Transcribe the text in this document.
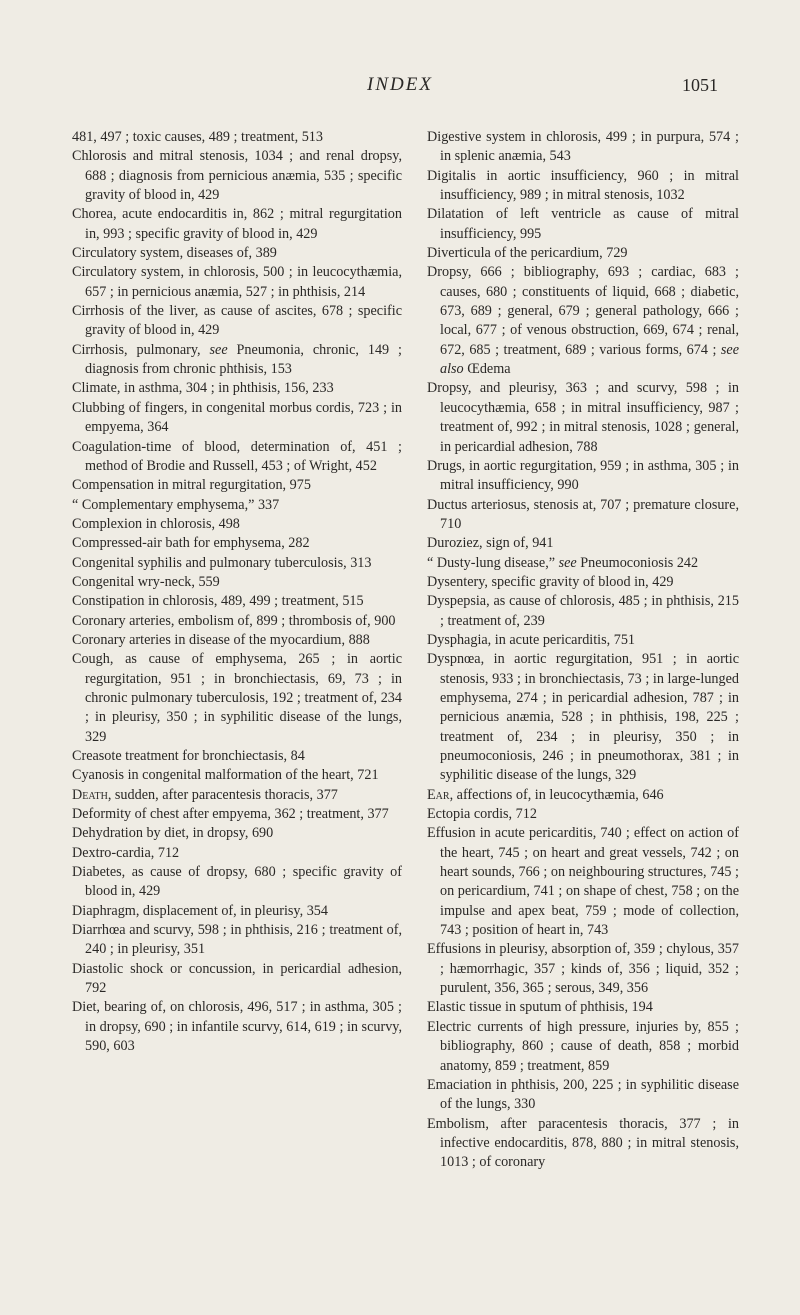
INDEX	1051

481, 497 ; toxic causes, 489 ; treatment, 513

Chlorosis and mitral stenosis, 1034 ; and renal dropsy, 688 ; diagnosis from pernicious anæmia, 535 ; specific gravity of blood in, 429

Chorea, acute endocarditis in, 862 ; mitral regurgitation in, 993 ; specific gravity of blood in, 429

Circulatory system, diseases of, 389

Circulatory system, in chlorosis, 500 ; in leucocythæmia, 657 ; in pernicious anæmia, 527 ; in phthisis, 214

Cirrhosis of the liver, as cause of ascites, 678 ; specific gravity of blood in, 429

Cirrhosis, pulmonary, see Pneumonia, chronic, 149 ; diagnosis from chronic phthisis, 153

Climate, in asthma, 304 ; in phthisis, 156, 233

Clubbing of fingers, in congenital morbus cordis, 723 ; in empyema, 364

Coagulation-time of blood, determination of, 451 ; method of Brodie and Russell, 453 ; of Wright, 452

Compensation in mitral regurgitation, 975

“ Complementary emphysema,” 337

Complexion in chlorosis, 498

Compressed-air bath for emphysema, 282

Congenital syphilis and pulmonary tuberculosis, 313

Congenital wry-neck, 559

Constipation in chlorosis, 489, 499 ; treatment, 515

Coronary arteries, embolism of, 899 ; thrombosis of, 900

Coronary arteries in disease of the myocardium, 888

Cough, as cause of emphysema, 265 ; in aortic regurgitation, 951 ; in bronchiectasis, 69, 73 ; in chronic pulmonary tuberculosis, 192 ; treatment of, 234 ; in pleurisy, 350 ; in syphilitic disease of the lungs, 329

Creasote treatment for bronchiectasis, 84

Cyanosis in congenital malformation of the heart, 721

Death, sudden, after paracentesis thoracis, 377

Deformity of chest after empyema, 362 ; treatment, 377

Dehydration by diet, in dropsy, 690

Dextro-cardia, 712

Diabetes, as cause of dropsy, 680 ; specific gravity of blood in, 429

Diaphragm, displacement of, in pleurisy, 354

Diarrhœa and scurvy, 598 ; in phthisis, 216 ; treatment of, 240 ; in pleurisy, 351

Diastolic shock or concussion, in pericardial adhesion, 792

Diet, bearing of, on chlorosis, 496, 517 ; in asthma, 305 ; in dropsy, 690 ; in infantile scurvy, 614, 619 ; in scurvy, 590, 603

Digestive system in chlorosis, 499 ; in purpura, 574 ; in splenic anæmia, 543

Digitalis in aortic insufficiency, 960 ; in mitral insufficiency, 989 ; in mitral stenosis, 1032

Dilatation of left ventricle as cause of mitral insufficiency, 995

Diverticula of the pericardium, 729

Dropsy, 666 ; bibliography, 693 ; cardiac, 683 ; causes, 680 ; constituents of liquid, 668 ; diabetic, 673, 689 ; general, 679 ; general pathology, 666 ; local, 677 ; of venous obstruction, 669, 674 ; renal, 672, 685 ; treatment, 689 ; various forms, 674 ; see also Œdema

Dropsy, and pleurisy, 363 ; and scurvy, 598 ; in leucocythæmia, 658 ; in mitral insufficiency, 987 ; treatment of, 992 ; in mitral stenosis, 1028 ; general, in pericardial adhesion, 788

Drugs, in aortic regurgitation, 959 ; in asthma, 305 ; in mitral insufficiency, 990

Ductus arteriosus, stenosis at, 707 ; premature closure, 710

Duroziez, sign of, 941

“ Dusty-lung disease,” see Pneumoconiosis 242

Dysentery, specific gravity of blood in, 429

Dyspepsia, as cause of chlorosis, 485 ; in phthisis, 215 ; treatment of, 239

Dysphagia, in acute pericarditis, 751

Dyspnœa, in aortic regurgitation, 951 ; in aortic stenosis, 933 ; in bronchiectasis, 73 ; in large-lunged emphysema, 274 ; in pericardial adhesion, 787 ; in pernicious anæmia, 528 ; in phthisis, 198, 225 ; treatment of, 234 ; in pleurisy, 350 ; in pneumoconiosis, 246 ; in pneumothorax, 381 ; in syphilitic disease of the lungs, 329

Ear, affections of, in leucocythæmia, 646

Ectopia cordis, 712

Effusion in acute pericarditis, 740 ; effect on action of the heart, 745 ; on heart and great vessels, 742 ; on heart sounds, 766 ; on neighbouring structures, 745 ; on pericardium, 741 ; on shape of chest, 758 ; on the impulse and apex beat, 759 ; mode of collection, 743 ; position of heart in, 743

Effusions in pleurisy, absorption of, 359 ; chylous, 357 ; hæmorrhagic, 357 ; kinds of, 356 ; liquid, 352 ; purulent, 356, 365 ; serous, 349, 356

Elastic tissue in sputum of phthisis, 194

Electric currents of high pressure, injuries by, 855 ; bibliography, 860 ; cause of death, 858 ; morbid anatomy, 859 ; treatment, 859

Emaciation in phthisis, 200, 225 ; in syphilitic disease of the lungs, 330

Embolism, after paracentesis thoracis, 377 ; in infective endocarditis, 878, 880 ; in mitral stenosis, 1013 ; of coronary
